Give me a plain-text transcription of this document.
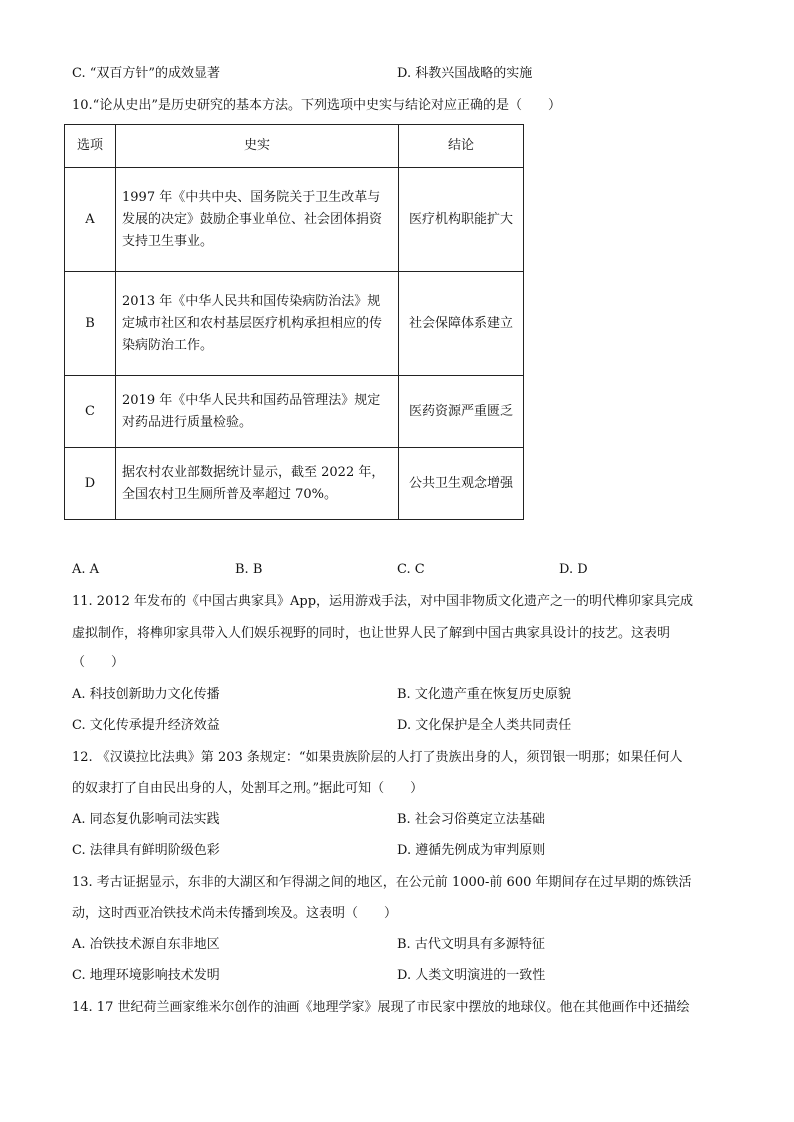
C. “双百方针”的成效显著	D. 科教兴国战略的实施
10.“论从史出”是历史研究的基本方法。下列选项中史实与结论对应正确的是（　　）
选项	史实	结论
A	1997 年《中共中央、国务院关于卫生改革与发展的决定》鼓励企事业单位、社会团体捐资支持卫生事业。	医疗机构职能扩大
B	2013 年《中华人民共和国传染病防治法》规定城市社区和农村基层医疗机构承担相应的传染病防治工作。	社会保障体系建立
C	2019 年《中华人民共和国药品管理法》规定对药品进行质量检验。	医药资源严重匮乏
D	据农村农业部数据统计显示，截至 2022 年，全国农村卫生厕所普及率超过 70%。	公共卫生观念增强
A. A	B. B	C. C	D. D
11. 2012 年发布的《中国古典家具》App，运用游戏手法，对中国非物质文化遗产之一的明代榫卯家具完成
虚拟制作，将榫卯家具带入人们娱乐视野的同时，也让世界人民了解到中国古典家具设计的技艺。这表明
（　　）
A. 科技创新助力文化传播	B. 文化遗产重在恢复历史原貌
C. 文化传承提升经济效益	D. 文化保护是全人类共同责任
12. 《汉谟拉比法典》第 203 条规定：“如果贵族阶层的人打了贵族出身的人，须罚银一明那；如果任何人
的奴隶打了自由民出身的人，处割耳之刑。”据此可知（　　）
A. 同态复仇影响司法实践	B. 社会习俗奠定立法基础
C. 法律具有鲜明阶级色彩	D. 遵循先例成为审判原则
13. 考古证据显示，东非的大湖区和乍得湖之间的地区，在公元前 1000-前 600 年期间存在过早期的炼铁活
动，这时西亚冶铁技术尚未传播到埃及。这表明（　　）
A. 冶铁技术源自东非地区	B. 古代文明具有多源特征
C. 地理环境影响技术发明	D. 人类文明演进的一致性
14. 17 世纪荷兰画家维米尔创作的油画《地理学家》展现了市民家中摆放的地球仪。他在其他画作中还描绘
